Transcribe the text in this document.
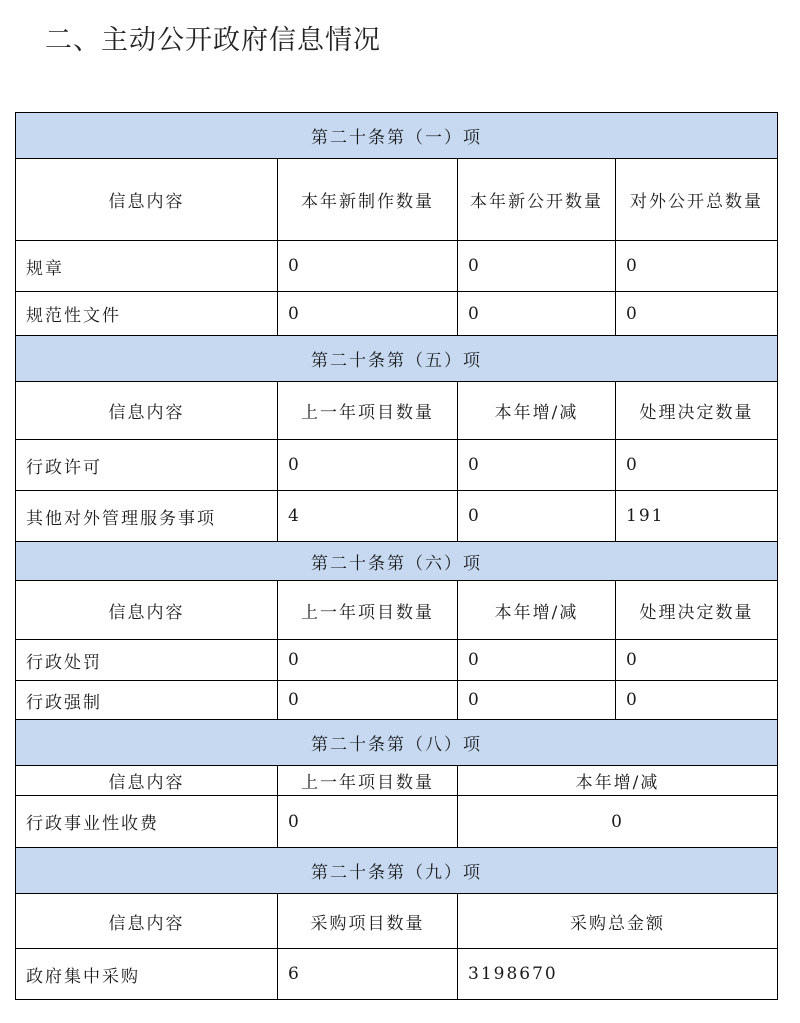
二、主动公开政府信息情况
第二十条第（一）项			
信息内容	本年新制作数量	本年新公开数量	对外公开总数量
规章	0	0	0
规范性文件	0	0	0
第二十条第（五）项			
信息内容	上一年项目数量	本年增/减	处理决定数量
行政许可	0	0	0
其他对外管理服务事项	4	0	191
第二十条第（六）项			
信息内容	上一年项目数量	本年增/减	处理决定数量
行政处罚	0	0	0
行政强制	0	0	0
第二十条第（八）项			
信息内容	上一年项目数量	本年增/减	
行政事业性收费	0	0	
第二十条第（九）项			
信息内容	采购项目数量	采购总金额	
政府集中采购	6	3198670	
